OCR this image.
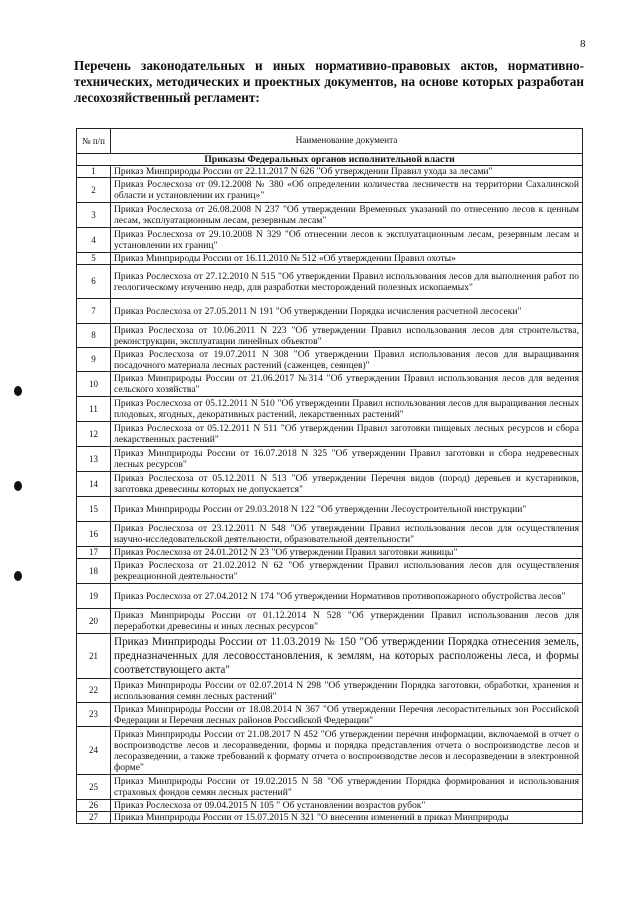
8
Перечень законодательных и иных нормативно-правовых актов, нормативно-технических, методических и проектных документов, на основе которых разработан лесохозяйственный регламент:
№ п/п	Наименование документа
Приказы Федеральных органов исполнительной власти	
1	Приказ Минприроды России от 22.11.2017 N 626 "Об утверждении Правил ухода за лесами"
2	Приказ Рослесхоза от 09.12.2008 № 380 «Об определении количества лесничеств на территории Сахалинской области и установлении их границ»"
3	Приказ Рослесхоза от 26.08.2008 N 237 "Об утверждении Временных указаний по отнесению лесов к ценным лесам, эксплуатационным лесам, резервным лесам"
4	Приказ Рослесхоза от 29.10.2008 N 329 "Об отнесении лесов к эксплуатационным лесам, резервным лесам и установлении их границ"
5	Приказ Минприроды России от 16.11.2010 № 512 «Об утверждении Правил охоты»
6	Приказ Рослесхоза от 27.12.2010 N 515 "Об утверждении Правил использования лесов для выполнения работ по геологическому изучению недр, для разработки месторождений полезных ископаемых"
7	Приказ Рослесхоза от 27.05.2011 N 191 "Об утверждении Порядка исчисления расчетной лесосеки"
8	Приказ Рослесхоза от 10.06.2011 N 223 "Об утверждении Правил использования лесов для строительства, реконструкции, эксплуатации линейных объектов"
9	Приказ Рослесхоза от 19.07.2011 N 308 "Об утверждении Правил использования лесов для выращивания посадочного материала лесных растений (саженцев, сеянцев)"
10	Приказ Минприроды России от 21.06.2017 №314 "Об утверждении Правил использования лесов для ведения сельского хозяйства"
11	Приказ Рослесхоза от 05.12.2011 N 510 "Об утверждении Правил использования лесов для выращивания лесных плодовых, ягодных, декоративных растений, лекарственных растений"
12	Приказ Рослесхоза от 05.12.2011 N 511 "Об утверждении Правил заготовки пищевых лесных ресурсов и сбора лекарственных растений"
13	Приказ Минприроды России от 16.07.2018 N 325 "Об утверждении Правил заготовки и сбора недревесных лесных ресурсов"
14	Приказ Рослесхоза от 05.12.2011 N 513 "Об утверждении Перечня видов (пород) деревьев и кустарников, заготовка древесины которых не допускается"
15	Приказ Минприроды России от 29.03.2018 N 122 "Об утверждении Лесоустроительной инструкции"
16	Приказ Рослесхоза от 23.12.2011 N 548 "Об утверждении Правил использования лесов для осуществления научно-исследовательской деятельности, образовательной деятельности"
17	Приказ Рослесхоза от 24.01.2012 N 23 "Об утверждении Правил заготовки живицы"
18	Приказ Рослесхоза от 21.02.2012 N 62 "Об утверждении Правил использования лесов для осуществления рекреационной деятельности"
19	Приказ Рослесхоза от 27.04.2012 N 174 "Об утверждении Нормативов противопожарного обустройства лесов"
20	Приказ Минприроды России от 01.12.2014 N 528 "Об утверждении Правил использования лесов для переработки древесины и иных лесных ресурсов"
21	Приказ Минприроды России от 11.03.2019 № 150 "Об утверждении Порядка отнесения земель, предназначенных для лесовосстановления, к землям, на которых расположены леса, и формы соответствующего акта"
22	Приказ Минприроды России от 02.07.2014 N 298 "Об утверждении Порядка заготовки, обработки, хранения и использования семян лесных растений"
23	Приказ Минприроды России от 18.08.2014 N 367 "Об утверждении Перечня лесорастительных зон Российской Федерации и Перечня лесных районов Российской Федерации"
24	Приказ Минприроды России от 21.08.2017 N 452 "Об утверждении перечня информации, включаемой в отчет о воспроизводстве лесов и лесоразведении, формы и порядка представления отчета о воспроизводстве лесов и лесоразведении, а также требований к формату отчета о воспроизводстве лесов и лесоразведении в электронной форме"
25	Приказ Минприроды России от 19.02.2015 N 58 "Об утверждении Порядка формирования и использования страховых фондов семян лесных растений"
26	Приказ Рослесхоза от 09.04.2015 N 105 " Об установлении возрастов рубок"
27	Приказ Минприроды России от 15.07.2015 N 321 "О внесении изменений в приказ Минприроды
